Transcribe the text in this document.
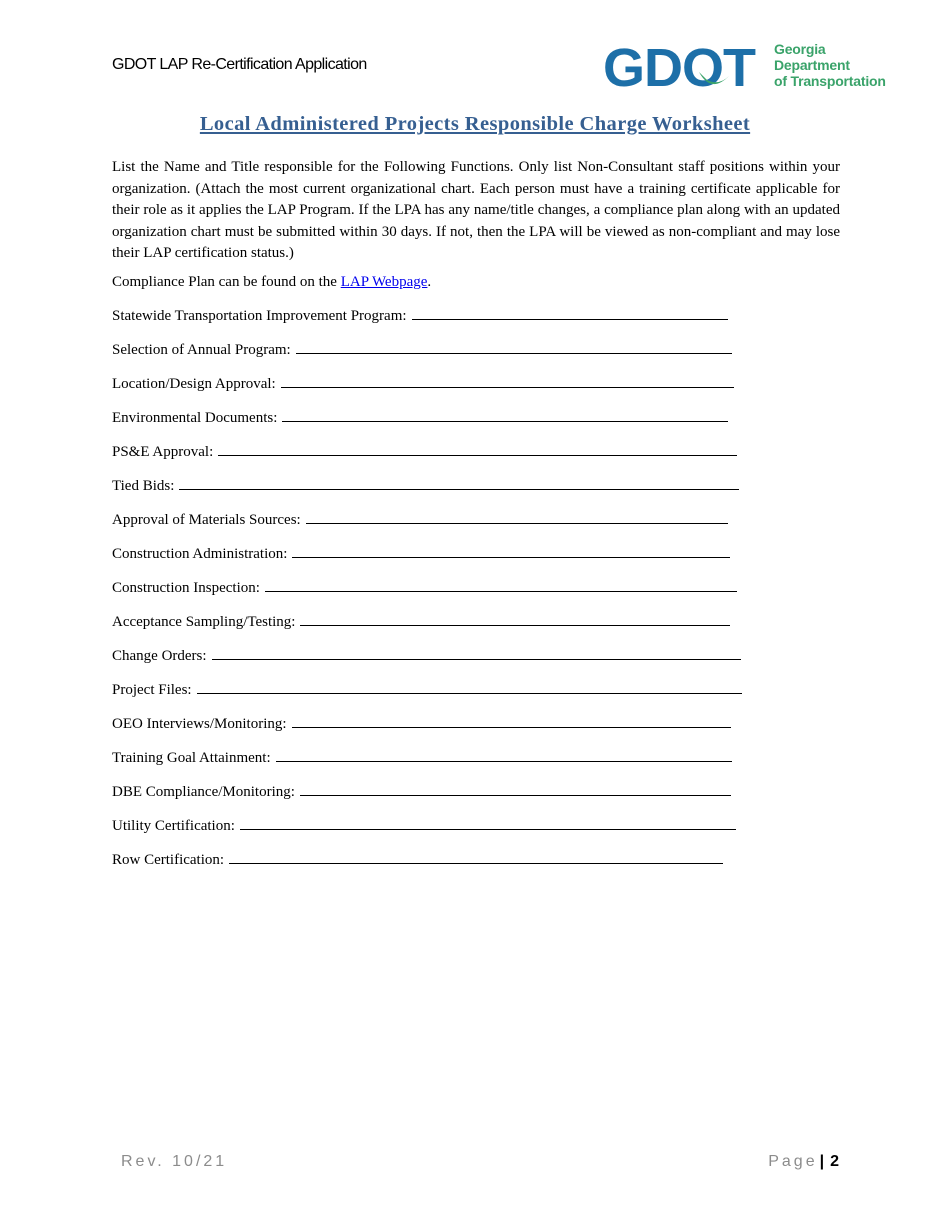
GDOT LAP Re-Certification Application	GDOT Georgia
Department
of Transportation
Local Administered Projects Responsible Charge Worksheet
List the Name and Title responsible for the Following Functions. Only list Non-Consultant staff positions within your organization. (Attach the most current organizational chart. Each person must have a training certificate applicable for their role as it applies the LAP Program. If the LPA has any name/title changes, a compliance plan along with an updated organization chart must be submitted within 30 days. If not, then the LPA will be viewed as non-compliant and may lose their LAP certification status.)
Compliance Plan can be found on the LAP Webpage.
Statewide Transportation Improvement Program:
Selection of Annual Program:
Location/Design Approval:
Environmental Documents:
PS&E Approval:
Tied Bids:
Approval of Materials Sources:
Construction Administration:
Construction Inspection:
Acceptance Sampling/Testing:
Change Orders:
Project Files:
OEO Interviews/Monitoring:
Training Goal Attainment:
DBE Compliance/Monitoring:
Utility Certification:
Row Certification:
Rev. 10/21	Page | 2
